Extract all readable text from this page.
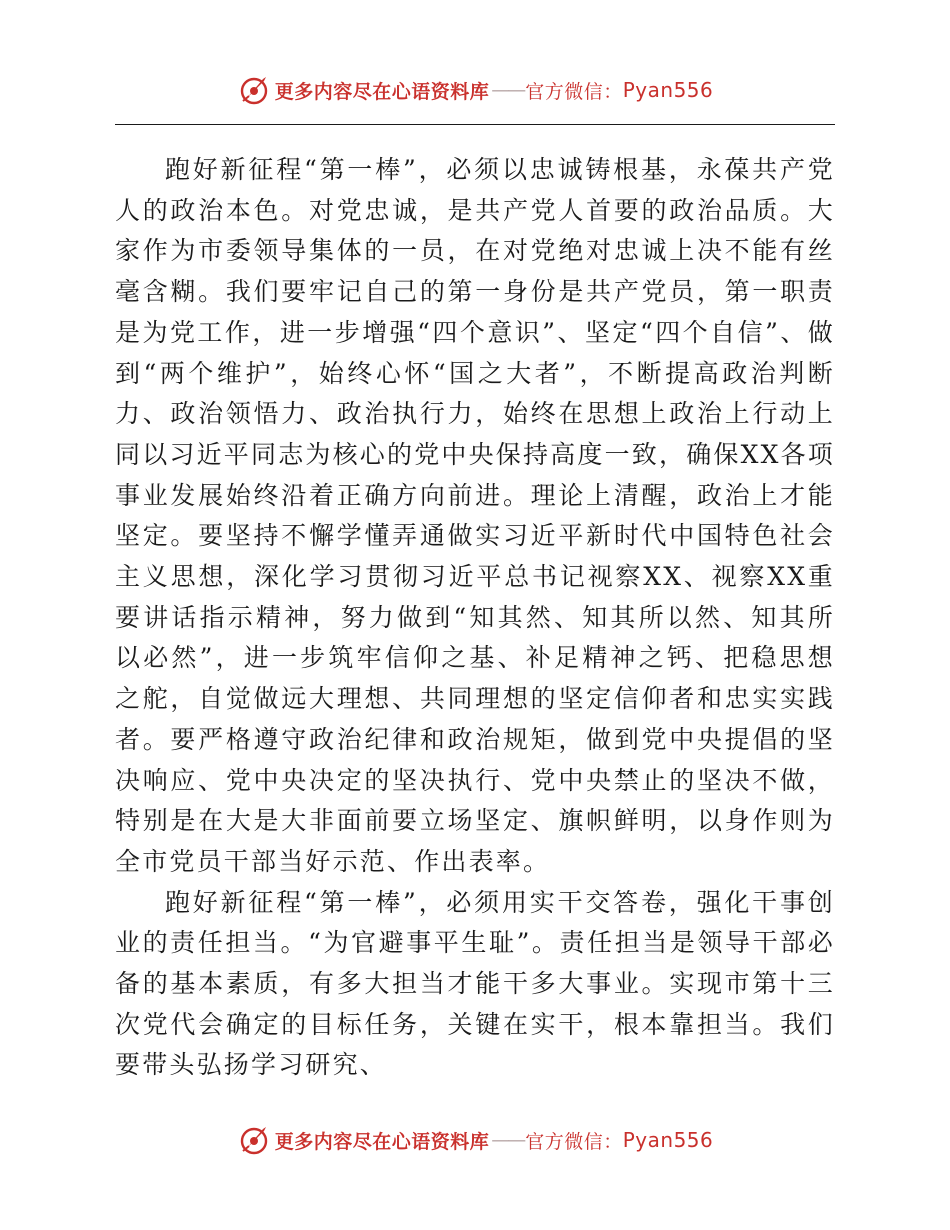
更多内容尽在心语资料库 —— 官方微信： Pyan556

跑好新征程“第一棒”，必须以忠诚铸根基，永葆共产党人的政治本色。对党忠诚，是共产党人首要的政治品质。大家作为市委领导集体的一员，在对党绝对忠诚上决不能有丝毫含糊。我们要牢记自己的第一身份是共产党员，第一职责是为党工作，进一步增强“四个意识”、坚定“四个自信”、做到“两个维护”，始终心怀“国之大者”，不断提高政治判断力、政治领悟力、政治执行力，始终在思想上政治上行动上同以习近平同志为核心的党中央保持高度一致，确保XX各项事业发展始终沿着正确方向前进。理论上清醒，政治上才能坚定。要坚持不懈学懂弄通做实习近平新时代中国特色社会主义思想，深化学习贯彻习近平总书记视察XX、视察XX重要讲话指示精神，努力做到“知其然、知其所以然、知其所以必然”，进一步筑牢信仰之基、补足精神之钙、把稳思想之舵，自觉做远大理想、共同理想的坚定信仰者和忠实实践者。要严格遵守政治纪律和政治规矩，做到党中央提倡的坚决响应、党中央决定的坚决执行、党中央禁止的坚决不做，特别是在大是大非面前要立场坚定、旗帜鲜明，以身作则为全市党员干部当好示范、作出表率。

跑好新征程“第一棒”，必须用实干交答卷，强化干事创业的责任担当。“为官避事平生耻”。责任担当是领导干部必备的基本素质，有多大担当才能干多大事业。实现市第十三次党代会确定的目标任务，关键在实干，根本靠担当。我们要带头弘扬学习研究、

更多内容尽在心语资料库 —— 官方微信： Pyan556
